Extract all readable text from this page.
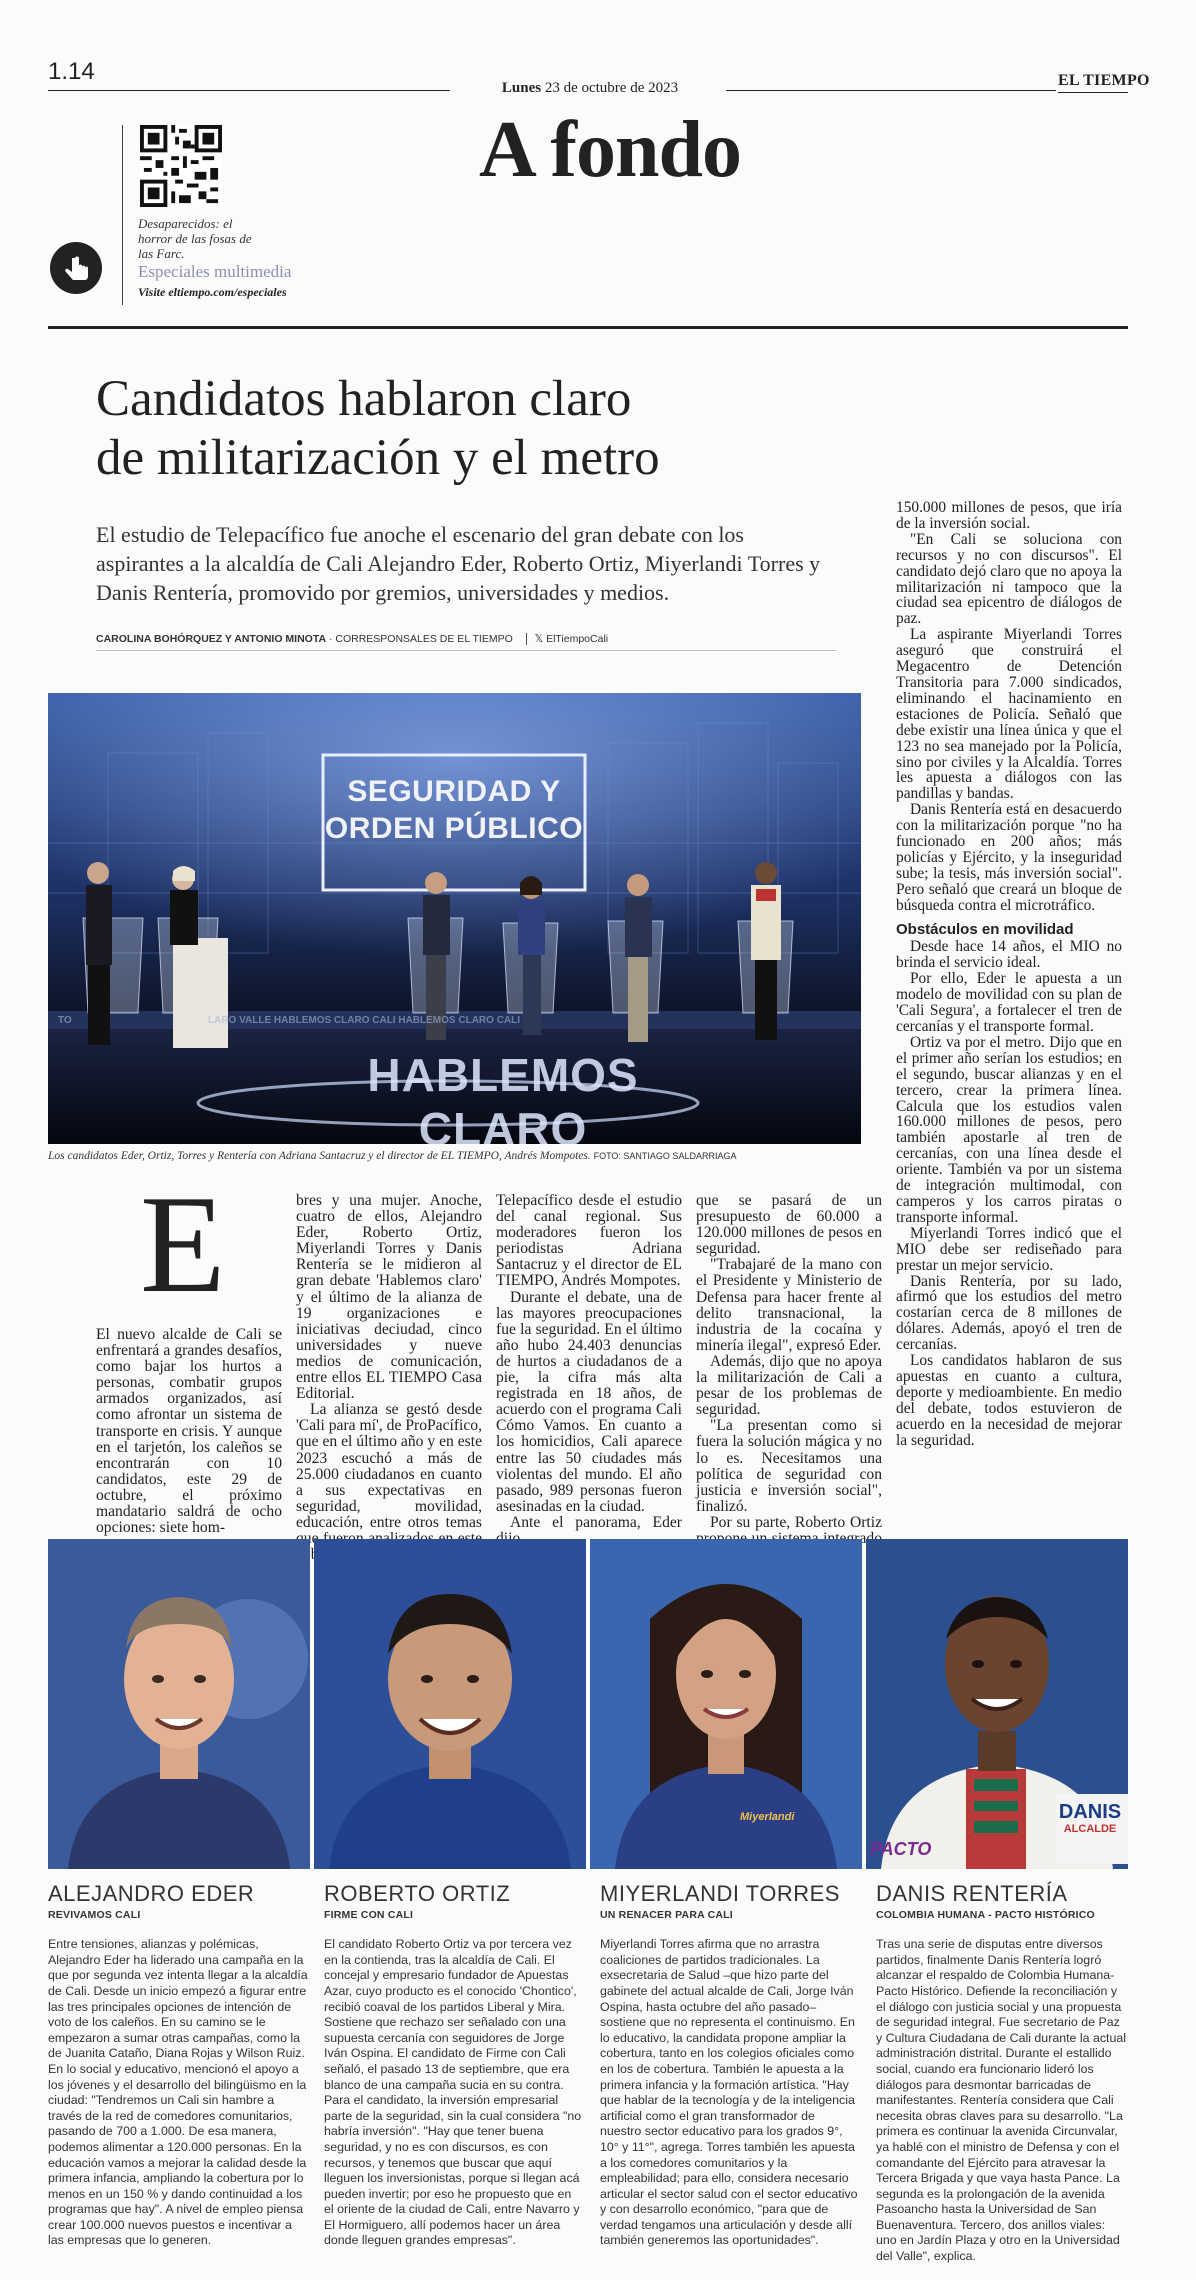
1.14
Lunes 23 de octubre de 2023	EL TIEMPO
Desaparecidos: el horror de las fosas de las Farc.
Especiales multimedia
Visite eltiempo.com/especiales
A fondo
Candidatos hablaron claro
de militarización y el metro
El estudio de Telepacífico fue anoche el escenario del gran debate con los aspirantes a la alcaldía de Cali Alejandro Eder, Roberto Ortiz, Miyerlandi Torres y Danis Rentería, promovido por gremios, universidades y medios.
CAROLINA BOHÓRQUEZ Y ANTONIO MINOTA · CORRESPONSALES DE EL TIEMPO 𝕏 ElTiempoCali
TO	LARO VALLE HABLEMOS CLARO CALI HABLEMOS CLARO CALI
SEGURIDAD Y
ORDEN PÚBLICO
HABLEMOS CLARO
Los candidatos Eder, Ortiz, Torres y Rentería con Adriana Santacruz y el director de EL TIEMPO, Andrés Mompotes. FOTO: SANTIAGO SALDARRIAGA
E

El nuevo alcalde de Cali se enfrentará a grandes desafíos, como bajar los hurtos a personas, combatir grupos armados organizados, así como afrontar un sistema de transporte en crisis. Y aunque en el tarjetón, los caleños se encontrarán con 10 candidatos, este 29 de octubre, el próximo mandatario saldrá de ocho opciones: siete hom-

bres y una mujer. Anoche, cuatro de ellos, Alejandro Eder, Roberto Ortiz, Miyerlandi Torres y Danis Rentería se le midieron al gran debate 'Hablemos claro' y el último de la alianza de 19 organizaciones e iniciativas deciudad, cinco universidades y nueve medios de comunicación, entre ellos EL TIEMPO Casa Editorial.

La alianza se gestó desde 'Cali para mí', de ProPacífico, que en el último año y en este 2023 escuchó a más de 25.000 ciudadanos en cuanto a sus expectativas en seguridad, movilidad, educación, entre otros temas

Telepacífico desde el estudio del canal regional. Sus moderadores fueron los periodistas Adriana Santacruz y el director de EL TIEMPO, Andrés Mompotes.

Durante el debate, una de las mayores preocupaciones fue la seguridad. En el último año hubo 24.403 denuncias de hurtos a ciudadanos de a pie, la cifra más alta registrada en 18 años, de acuerdo con el programa Cali Cómo Vamos. En cuanto a los homicidios, Cali aparece entre las 50 ciudades más violentas del mundo. El año pasado, 989 personas fueron asesinadas en la ciudad.

Ante el panorama, Eder

que se pasará de un presupuesto de 60.000 a 120.000 millones de pesos en seguridad.

"Trabajaré de la mano con el Presidente y Ministerio de Defensa para hacer frente al delito transnacional, la industria de la cocaína y minería ilegal", expresó Eder.

Además, dijo que no apoya la militarización de Cali a pesar de los problemas de seguridad.

"La presentan como si fuera la solución mágica y no lo es. Necesitamos una política de seguridad con justicia e inversión social", finalizó.

Por su parte, Roberto Ortiz

150.000 millones de pesos, que iría de la inversión social.

"En Cali se soluciona con recursos y no con discursos". El candidato dejó claro que no apoya la militarización ni tampoco que la ciudad sea epicentro de diálogos de paz.

La aspirante Miyerlandi Torres aseguró que construirá el Megacentro de Detención Transitoria para 7.000 sindicados, eliminando el hacinamiento en estaciones de Policía. Señaló que debe existir una línea única y que el 123 no sea manejado por la Policía, sino por civiles y la Alcaldía. Torres les apuesta a diálogos con las pandillas y bandas.

Danis Rentería está en desacuerdo con la militarización porque "no ha funcionado en 200 años; más policías y Ejército, y la inseguridad sube; la tesis, más inversión social". Pero señaló que creará un bloque de búsqueda contra el microtráfico.

Obstáculos en movilidad

Desde hace 14 años, el MIO no brinda el servicio ideal.

Por ello, Eder le apuesta a un modelo de movilidad con su plan de 'Cali Segura', a fortalecer el tren de cercanías y el transporte formal.

Ortiz va por el metro. Dijo que en el primer año serían los estudios; en el segundo, buscar alianzas y en el tercero, crear la primera línea. Calcula que los estudios valen 160.000 millones de pesos, pero también apostarle al tren de cercanías, con una línea desde el oriente. También va por un sistema de integración multimodal, con camperos y los carros piratas o transporte informal.

Miyerlandi Torres indicó que el MIO debe ser rediseñado para prestar un mejor servicio.

Danis Rentería, por su lado, afirmó que los estudios del metro costarían cerca de 8 millones de dólares. Además, apoyó el tren de cercanías.

Los candidatos hablaron de sus apuestas en cuanto a cultura, deporte y medioambiente. En medio del debate, todos estuvieron de acuerdo en la necesidad de mejorar la seguridad.

Miyerlandi	DANIS
ALCALDE
PACTO
ALEJANDRO EDER
REVIVAMOS CALI

Entre tensiones, alianzas y polémicas, Alejandro Eder ha liderado una campaña en la que por segunda vez intenta llegar a la alcaldía de Cali. Desde un inicio empezó a figurar entre las tres principales opciones de intención de voto de los caleños. En su camino se le empezaron a sumar otras campañas, como la de Juanita Cataño, Diana Rojas y Wilson Ruiz. En lo social y educativo, mencionó el apoyo a los jóvenes y el desarrollo del bilingüismo en la ciudad: "Tendremos un Cali sin hambre a través de la red de comedores comunitarios, pasando de 700 a 1.000. De esa manera, podemos alimentar a 120.000 personas. En la educación vamos a mejorar la calidad desde la primera infancia, ampliando la cobertura por lo menos en un 150 % y dando continuidad a los programas que hay". A nivel de empleo piensa crear 100.000 nuevos puestos e incentivar a las empresas que lo generen.

ROBERTO ORTIZ
FIRME CON CALI

El candidato Roberto Ortiz va por tercera vez en la contienda, tras la alcaldía de Cali. El concejal y empresario fundador de Apuestas Azar, cuyo producto es el conocido 'Chontico', recibió coaval de los partidos Liberal y Mira. Sostiene que rechazo ser señalado con una supuesta cercanía con seguidores de Jorge Iván Ospina. El candidato de Firme con Cali señaló, el pasado 13 de septiembre, que era blanco de una campaña sucia en su contra. Para el candidato, la inversión empresarial parte de la seguridad, sin la cual considera "no habría inversión". "Hay que tener buena seguridad, y no es con discursos, es con recursos, y tenemos que buscar que aquí lleguen los inversionistas, porque si llegan acá pueden invertir; por eso he propuesto que en el oriente de la ciudad de Cali, entre Navarro y El Hormiguero, allí podemos hacer un área donde lleguen grandes empresas".

MIYERLANDI TORRES
UN RENACER PARA CALI

Miyerlandi Torres afirma que no arrastra coaliciones de partidos tradicionales. La exsecretaria de Salud –que hizo parte del gabinete del actual alcalde de Cali, Jorge Iván Ospina, hasta octubre del año pasado– sostiene que no representa el continuismo. En lo educativo, la candidata propone ampliar la cobertura, tanto en los colegios oficiales como en los de cobertura. También le apuesta a la primera infancia y la formación artística. "Hay que hablar de la tecnología y de la inteligencia artificial como el gran transformador de nuestro sector educativo para los grados 9°, 10° y 11°", agrega. Torres también les apuesta a los comedores comunitarios y la empleabilidad; para ello, considera necesario articular el sector salud con el sector educativo y con desarrollo económico, "para que de verdad tengamos una articulación y desde allí también generemos las oportunidades".

DANIS RENTERÍA
COLOMBIA HUMANA - PACTO HISTÓRICO

Tras una serie de disputas entre diversos partidos, finalmente Danis Rentería logró alcanzar el respaldo de Colombia Humana-Pacto Histórico. Defiende la reconciliación y el diálogo con justicia social y una propuesta de seguridad integral. Fue secretario de Paz y Cultura Ciudadana de Cali durante la actual administración distrital. Durante el estallido social, cuando era funcionario lideró los diálogos para desmontar barricadas de manifestantes. Rentería considera que Cali necesita obras claves para su desarrollo. "La primera es continuar la avenida Circunvalar, ya hablé con el ministro de Defensa y con el comandante del Ejército para atravesar la Tercera Brigada y que vaya hasta Pance. La segunda es la prolongación de la avenida Pasoancho hasta la Universidad de San Buenaventura. Tercero, dos anillos viales: uno en Jardín Plaza y otro en la Universidad del Valle", explica.
